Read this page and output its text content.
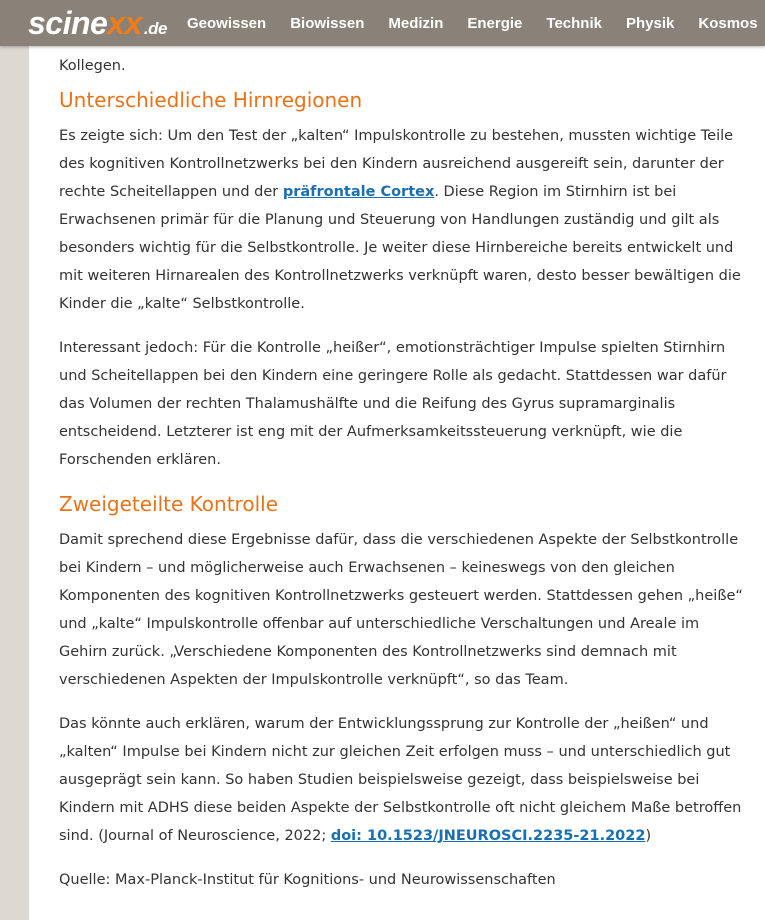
scine xx .de Geowissen Biowissen Medizin Energie Technik Physik Kosmos

Kollegen.

Unterschiedliche Hirnregionen

Es zeigte sich: Um den Test der „kalten“ Impulskontrolle zu bestehen, mussten wichtige Teile des kognitiven Kontrollnetzwerks bei den Kindern ausreichend ausgereift sein, darunter der rechte Scheitellappen und der präfrontale Cortex. Diese Region im Stirnhirn ist bei Erwachsenen primär für die Planung und Steuerung von Handlungen zuständig und gilt als besonders wichtig für die Selbstkontrolle. Je weiter diese Hirnbereiche bereits entwickelt und mit weiteren Hirnarealen des Kontrollnetzwerks verknüpft waren, desto besser bewältigen die Kinder die „kalte“ Selbstkontrolle.

Interessant jedoch: Für die Kontrolle „heißer“, emotionsträchtiger Impulse spielten Stirnhirn und Scheitellappen bei den Kindern eine geringere Rolle als gedacht. Stattdessen war dafür das Volumen der rechten Thalamushälfte und die Reifung des Gyrus supramarginalis entscheidend. Letzterer ist eng mit der Aufmerksamkeitssteuerung verknüpft, wie die Forschenden erklären.

Zweigeteilte Kontrolle

Damit sprechend diese Ergebnisse dafür, dass die verschiedenen Aspekte der Selbstkontrolle bei Kindern – und möglicherweise auch Erwachsenen – keineswegs von den gleichen Komponenten des kognitiven Kontrollnetzwerks gesteuert werden. Stattdessen gehen „heiße“ und „kalte“ Impulskontrolle offenbar auf unterschiedliche Verschaltungen und Areale im Gehirn zurück. „Verschiedene Komponenten des Kontrollnetzwerks sind demnach mit verschiedenen Aspekten der Impulskontrolle verknüpft“, so das Team.

Das könnte auch erklären, warum der Entwicklungssprung zur Kontrolle der „heißen“ und „kalten“ Impulse bei Kindern nicht zur gleichen Zeit erfolgen muss – und unterschiedlich gut ausgeprägt sein kann. So haben Studien beispielsweise gezeigt, dass beispielsweise bei Kindern mit ADHS diese beiden Aspekte der Selbstkontrolle oft nicht gleichem Maße betroffen sind. (Journal of Neuroscience, 2022; doi: 10.1523/JNEUROSCI.2235-21.2022)

Quelle: Max-Planck-Institut für Kognitions- und Neurowissenschaften
